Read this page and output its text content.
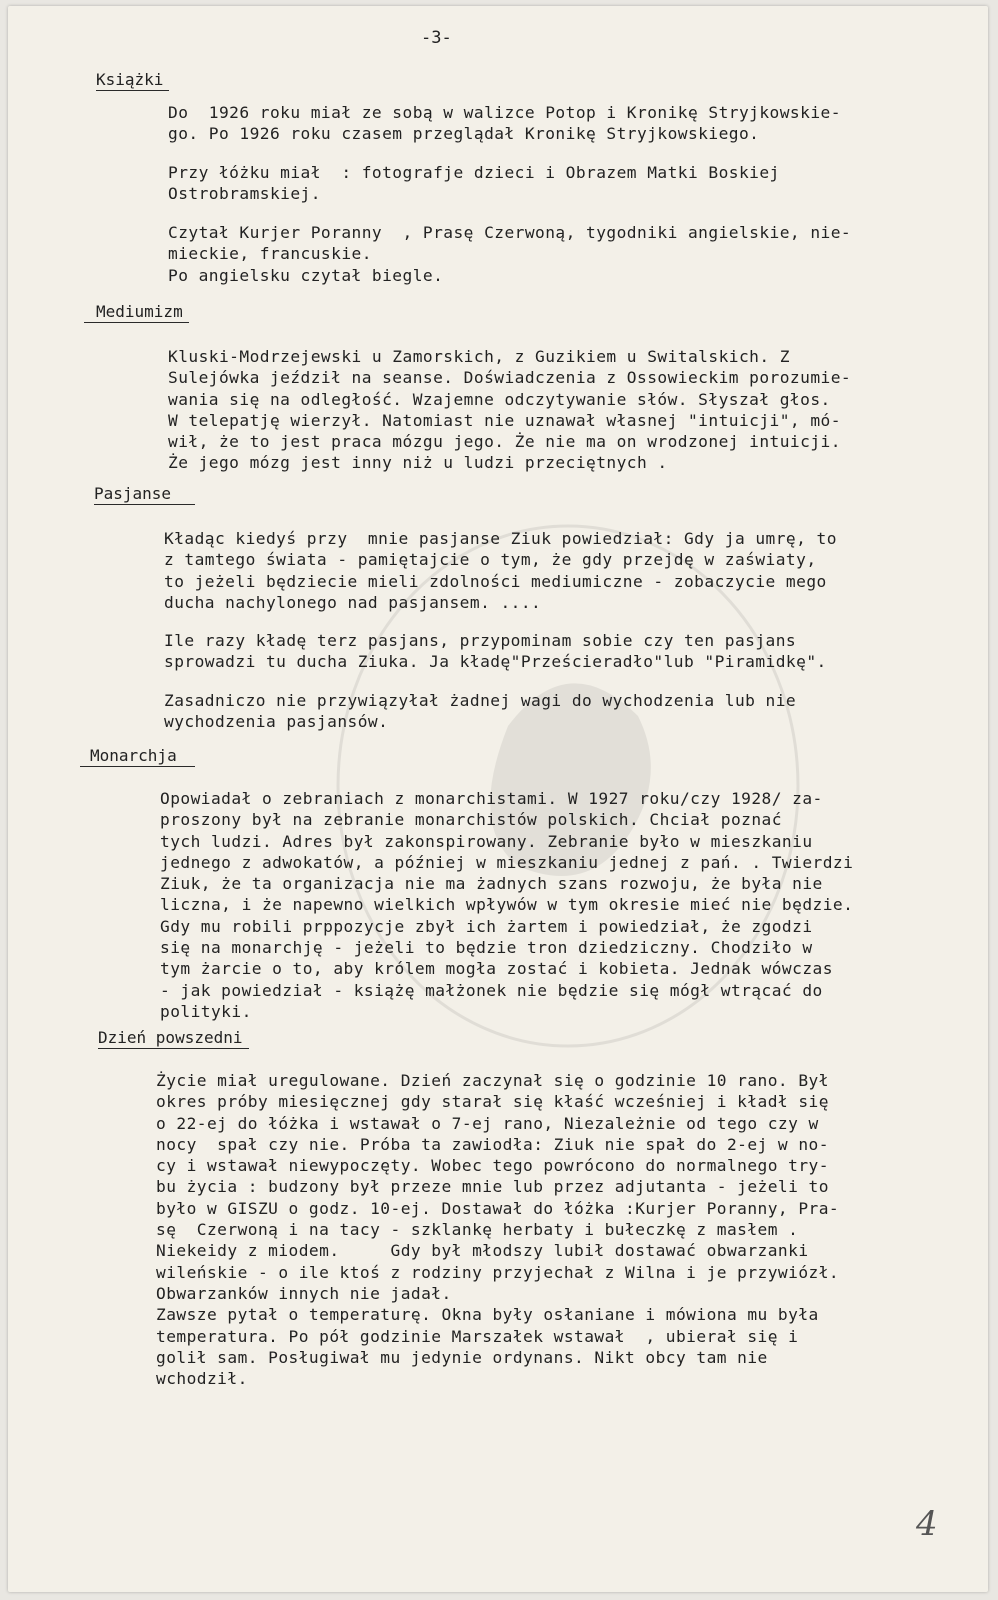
-3-
Książki
Do  1926 roku miał ze sobą w walizce Potop i Kronikę Stryjkowskie-
go. Po 1926 roku czasem przeglądał Kronikę Stryjkowskiego.
Przy łóżku miał  : fotografje dzieci i Obrazem Matki Boskiej
Ostrobramskiej.
Czytał Kurjer Poranny  , Prasę Czerwoną, tygodniki angielskie, nie-
mieckie, francuskie.
Po angielsku czytał biegle.
Mediumizm
Kluski-Modrzejewski u Zamorskich, z Guzikiem u Switalskich. Z
Sulejówka jeździł na seanse. Doświadczenia z Ossowieckim porozumie-
wania się na odległość. Wzajemne odczytywanie słów. Słyszał głos.
W telepatję wierzył. Natomiast nie uznawał własnej "intuicji", mó-
wił, że to jest praca mózgu jego. Że nie ma on wrodzonej intuicji.
Że jego mózg jest inny niż u ludzi przeciętnych .
Pasjanse
Kładąc kiedyś przy  mnie pasjanse Ziuk powiedział: Gdy ja umrę, to
z tamtego świata - pamiętajcie o tym, że gdy przejdę w zaświaty,
to jeżeli będziecie mieli zdolności mediumiczne - zobaczycie mego
ducha nachylonego nad pasjansem. ....
Ile razy kładę terz pasjans, przypominam sobie czy ten pasjans
sprowadzi tu ducha Ziuka. Ja kładę"Prześcieradło"lub "Piramidkę".
Zasadniczo nie przywiązyłał żadnej wagi do wychodzenia lub nie
wychodzenia pasjansów.
Monarchja
Opowiadał o zebraniach z monarchistami. W 1927 roku/czy 1928/ za-
proszony był na zebranie monarchistów polskich. Chciał poznać
tych ludzi. Adres był zakonspirowany. Zebranie było w mieszkaniu
jednego z adwokatów, a później w mieszkaniu jednej z pań. . Twierdzi
Ziuk, że ta organizacja nie ma żadnych szans rozwoju, że była nie
liczna, i że napewno wielkich wpływów w tym okresie mieć nie będzie.
Gdy mu robili prppozycje zbył ich żartem i powiedział, że zgodzi
się na monarchję - jeżeli to będzie tron dziedziczny. Chodziło w
tym żarcie o to, aby królem mogła zostać i kobieta. Jednak wówczas
- jak powiedział - książę małżonek nie będzie się mógł wtrącać do
polityki.
Dzień powszedni
Życie miał uregulowane. Dzień zaczynał się o godzinie 10 rano. Był
okres próby miesięcznej gdy starał się kłaść wcześniej i kładł się
o 22-ej do łóżka i wstawał o 7-ej rano, Niezależnie od tego czy w
nocy  spał czy nie. Próba ta zawiodła: Ziuk nie spał do 2-ej w no-
cy i wstawał niewypoczęty. Wobec tego powrócono do normalnego try-
bu życia : budzony był przeze mnie lub przez adjutanta - jeżeli to
było w GISZU o godz. 10-ej. Dostawał do łóżka :Kurjer Poranny, Pra-
sę  Czerwoną i na tacy - szklankę herbaty i bułeczkę z masłem .
Niekeidy z miodem.     Gdy był młodszy lubił dostawać obwarzanki
wileńskie - o ile ktoś z rodziny przyjechał z Wilna i je przywiózł.
Obwarzanków innych nie jadał.
Zawsze pytał o temperaturę. Okna były osłaniane i mówiona mu była
temperatura. Po pół godzinie Marszałek wstawał  , ubierał się i
golił sam. Posługiwał mu jedynie ordynans. Nikt obcy tam nie
wchodził.
4
